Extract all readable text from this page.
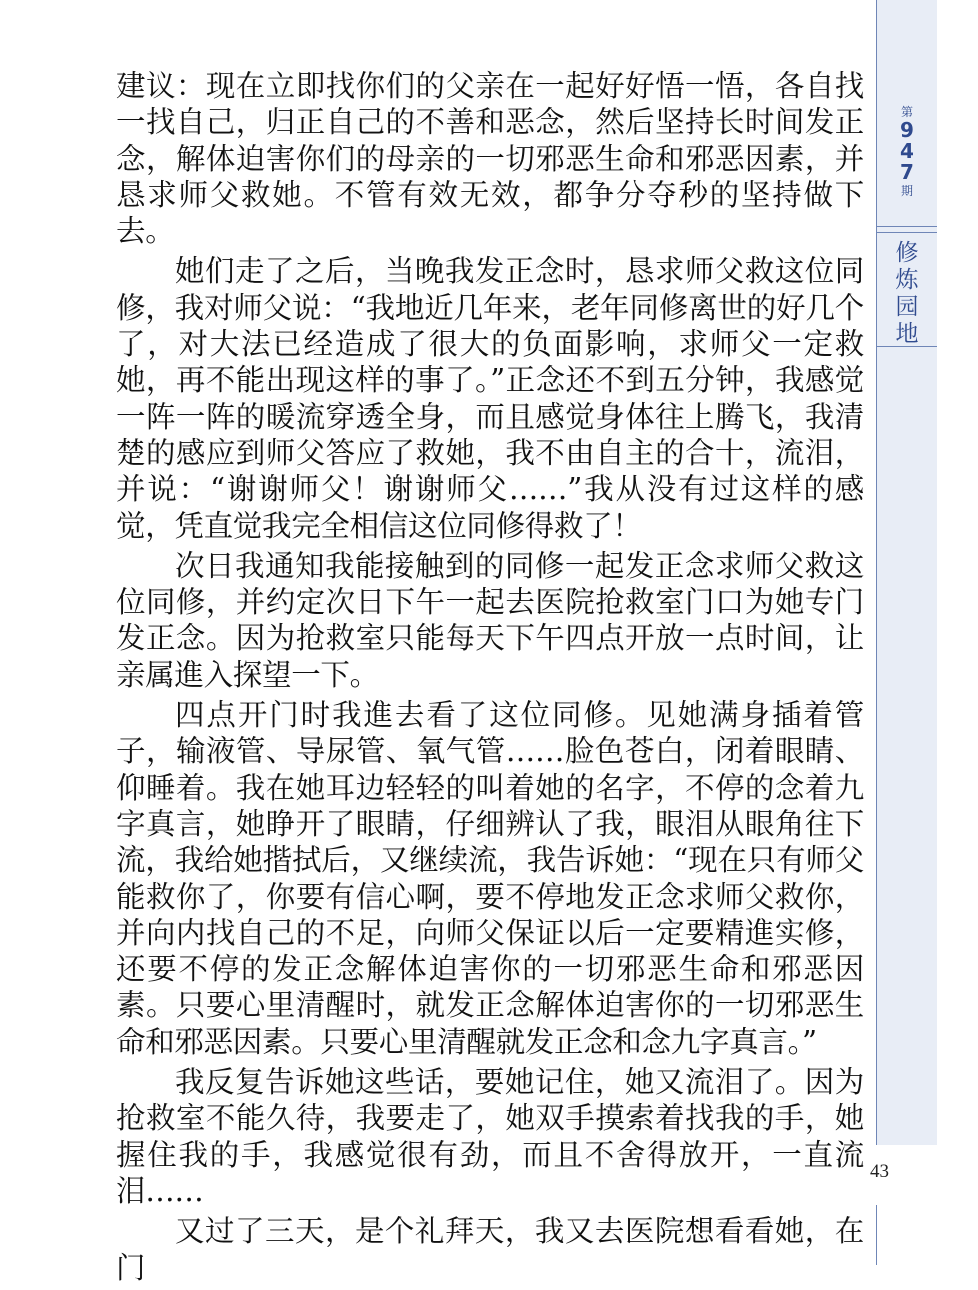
建议：现在立即找你们的父亲在一起好好悟一悟，各自找一找自己，归正自己的不善和恶念，然后坚持长时间发正念，解体迫害你们的母亲的一切邪恶生命和邪恶因素，并恳求师父救她。不管有效无效，都争分夺秒的坚持做下去。

她们走了之后，当晚我发正念时，恳求师父救这位同修，我对师父说：“我地近几年来，老年同修离世的好几个了，对大法已经造成了很大的负面影响，求师父一定救她，再不能出现这样的事了。”正念还不到五分钟，我感觉一阵一阵的暖流穿透全身，而且感觉身体往上腾飞，我清楚的感应到师父答应了救她，我不由自主的合十，流泪，并说：“谢谢师父！谢谢师父……”我从没有过这样的感觉，凭直觉我完全相信这位同修得救了！

次日我通知我能接触到的同修一起发正念求师父救这位同修，并约定次日下午一起去医院抢救室门口为她专门发正念。因为抢救室只能每天下午四点开放一点时间，让亲属進入探望一下。

四点开门时我進去看了这位同修。见她满身插着管子，输液管、导尿管、氧气管……脸色苍白，闭着眼睛、仰睡着。我在她耳边轻轻的叫着她的名字，不停的念着九字真言，她睁开了眼睛，仔细辨认了我，眼泪从眼角往下流，我给她揩拭后，又继续流，我告诉她：“现在只有师父能救你了，你要有信心啊，要不停地发正念求师父救你，并向内找自己的不足，向师父保证以后一定要精進实修，还要不停的发正念解体迫害你的一切邪恶生命和邪恶因素。只要心里清醒时，就发正念解体迫害你的一切邪恶生命和邪恶因素。只要心里清醒就发正念和念九字真言。”

我反复告诉她这些话，要她记住，她又流泪了。因为抢救室不能久待，我要走了，她双手摸索着找我的手，她握住我的手，我感觉很有劲，而且不舍得放开，一直流泪……

又过了三天，是个礼拜天，我又去医院想看看她，在门

第
9
4
7
期
修
炼
园
地
43
